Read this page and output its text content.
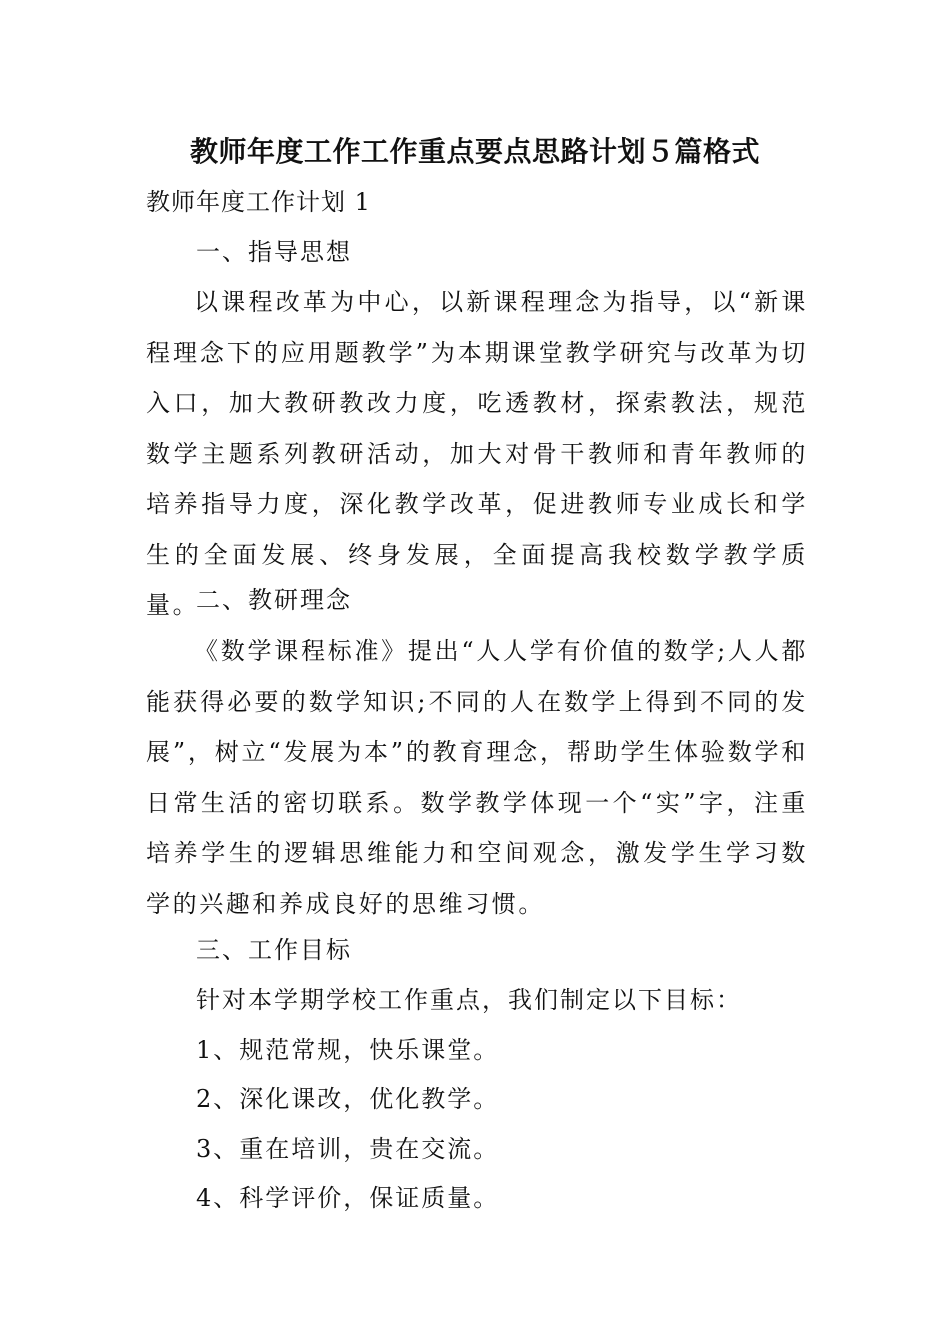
教师年度工作工作重点要点思路计划５篇格式

教师年度工作计划 1

一、指导思想

以课程改革为中心，以新课程理念为指导，以“新课程理念下的应用题教学”为本期课堂教学研究与改革为切入口，加大教研教改力度，吃透教材，探索教法，规范数学主题系列教研活动，加大对骨干教师和青年教师的培养指导力度，深化教学改革，促进教师专业成长和学生的全面发展、终身发展，全面提高我校数学教学质量。

二、教研理念

《数学课程标准》提出“人人学有价值的数学;人人都能获得必要的数学知识;不同的人在数学上得到不同的发展”，树立“发展为本”的教育理念，帮助学生体验数学和日常生活的密切联系。数学教学体现一个“实”字，注重培养学生的逻辑思维能力和空间观念，激发学生学习数学的兴趣和养成良好的思维习惯。

三、工作目标

针对本学期学校工作重点，我们制定以下目标：

1、规范常规，快乐课堂。

2、深化课改，优化教学。

3、重在培训，贵在交流。

4、科学评价，保证质量。
